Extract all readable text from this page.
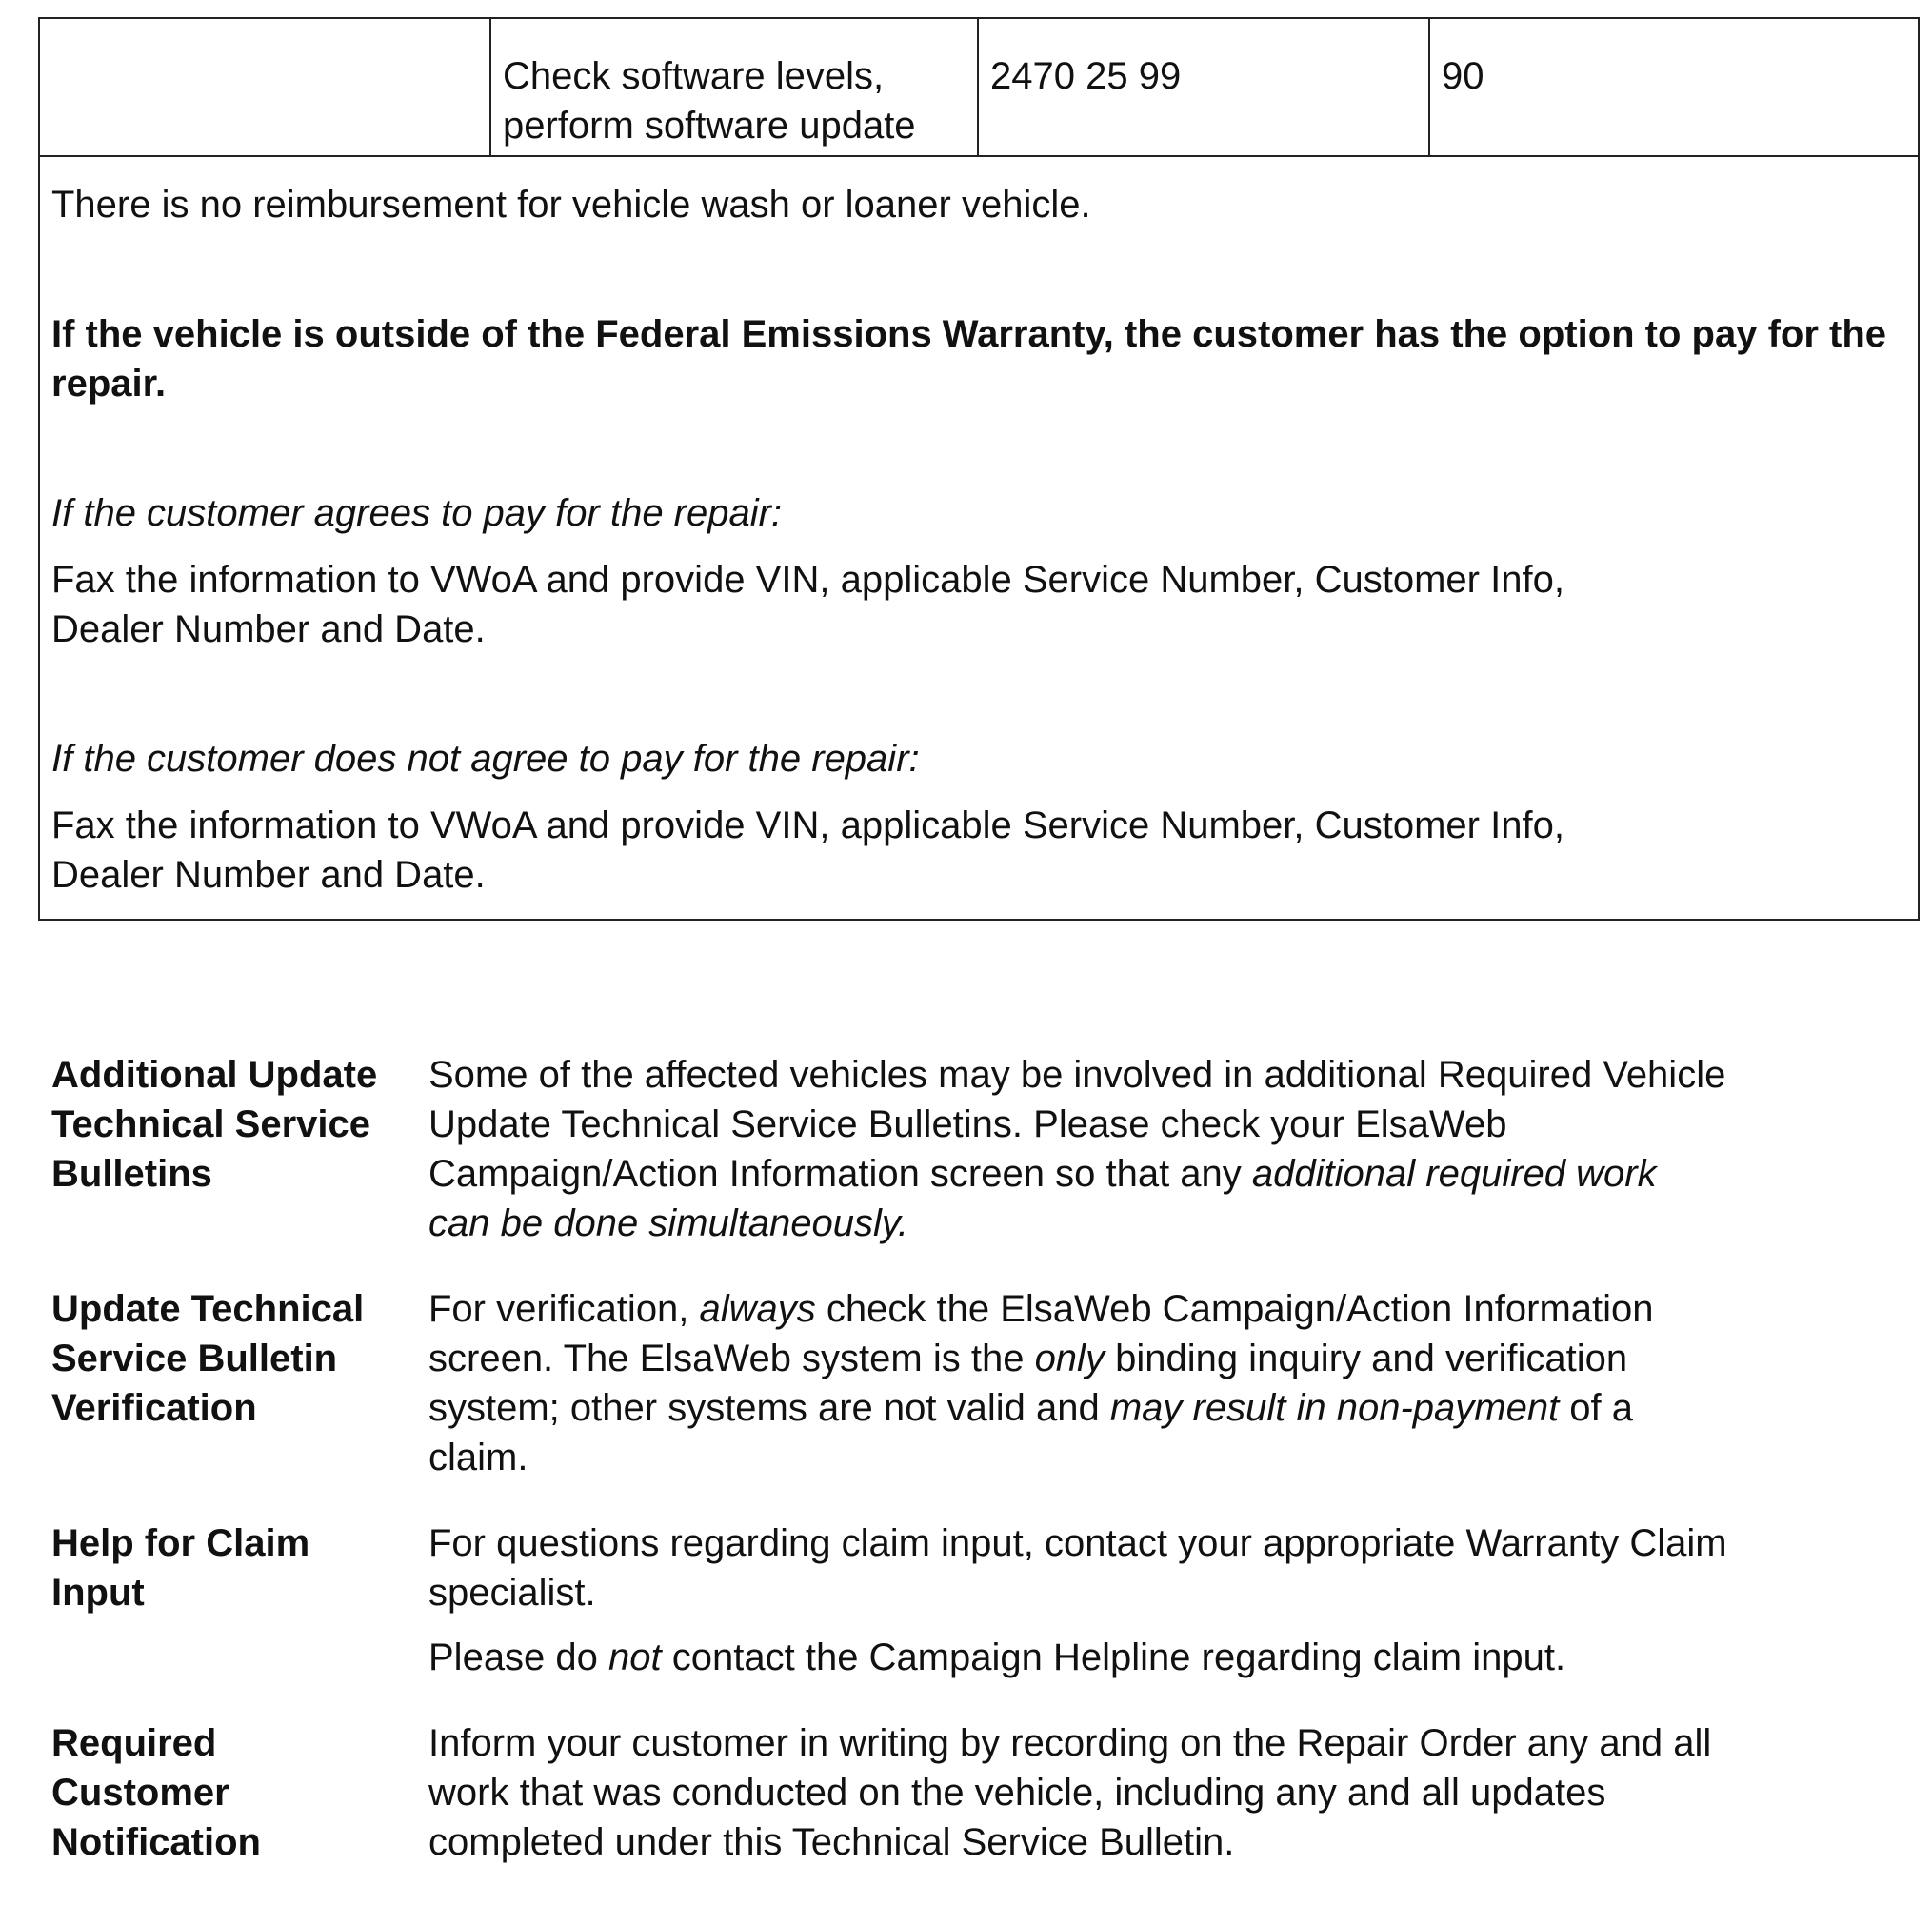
Check software levels, perform software update
2470 25 99	90

There is no reimbursement for vehicle wash or loaner vehicle.

If the vehicle is outside of the Federal Emissions Warranty, the customer has the option to pay for the repair.

If the customer agrees to pay for the repair:

Fax the information to VWoA and provide VIN, applicable Service Number, Customer Info, Dealer Number and Date.

If the customer does not agree to pay for the repair:

Fax the information to VWoA and provide VIN, applicable Service Number, Customer Info, Dealer Number and Date.

Additional Update
Technical Service
Bulletins

Some of the affected vehicles may be involved in additional Required Vehicle Update Technical Service Bulletins. Please check your ElsaWeb Campaign/Action Information screen so that any additional required work can be done simultaneously.

Update Technical
Service Bulletin
Verification

For verification, always check the ElsaWeb Campaign/Action Information screen. The ElsaWeb system is the only binding inquiry and verification system; other systems are not valid and may result in non-payment of a claim.

Help for Claim
Input

For questions regarding claim input, contact your appropriate Warranty Claim specialist.

Please do not contact the Campaign Helpline regarding claim input.

Required
Customer
Notification

Inform your customer in writing by recording on the Repair Order any and all work that was conducted on the vehicle, including any and all updates completed under this Technical Service Bulletin.
